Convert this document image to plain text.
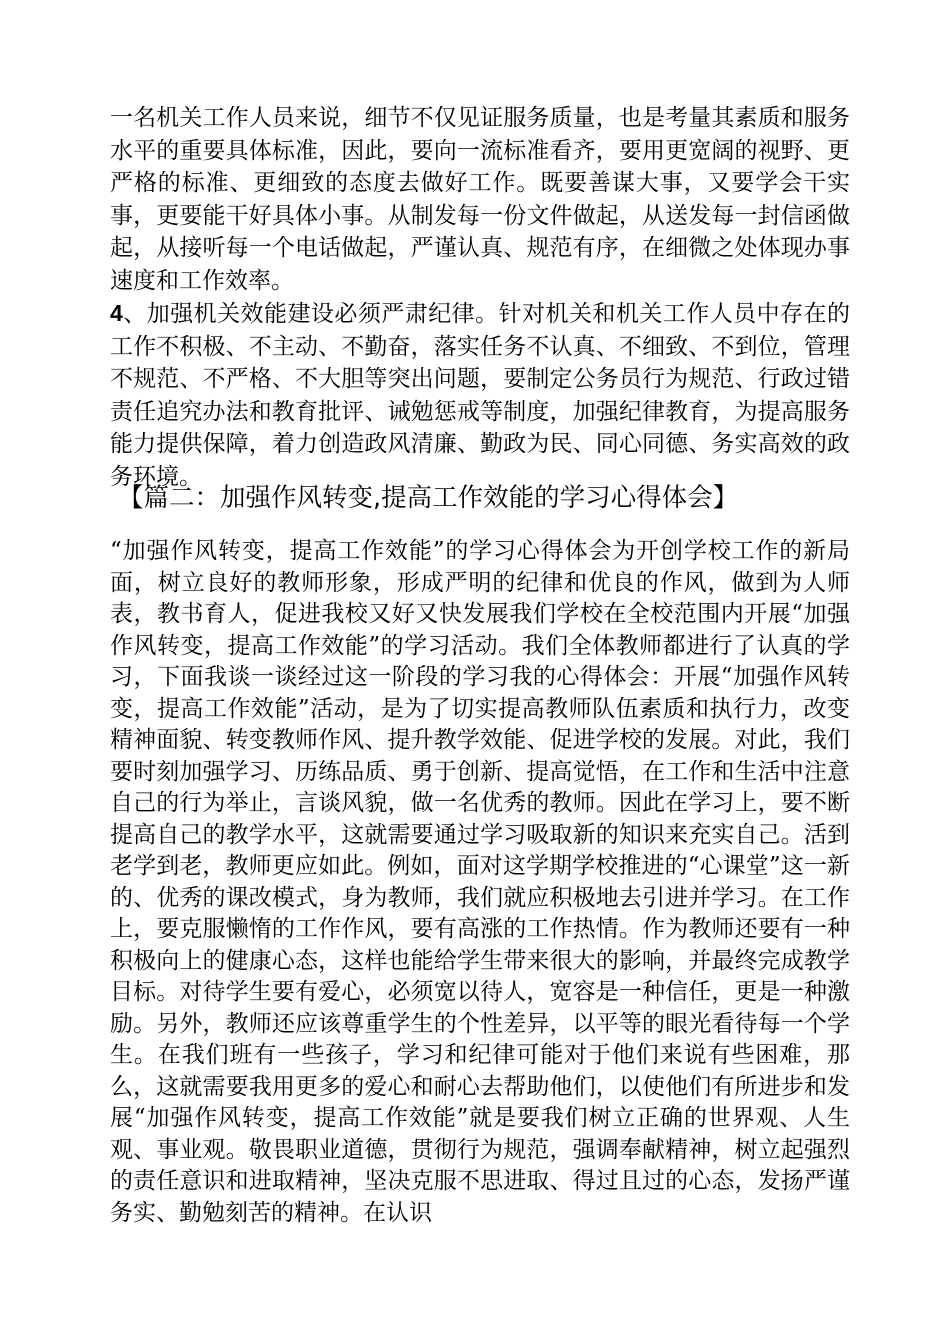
一名机关工作人员来说，细节不仅见证服务质量，也是考量其素质和服务水平的重要具体标准，因此，要向一流标准看齐，要用更宽阔的视野、更严格的标准、更细致的态度去做好工作。既要善谋大事，又要学会干实事，更要能干好具体小事。从制发每一份文件做起，从送发每一封信函做起，从接听每一个电话做起，严谨认真、规范有序，在细微之处体现办事速度和工作效率。

4、加强机关效能建设必须严肃纪律。针对机关和机关工作人员中存在的工作不积极、不主动、不勤奋，落实任务不认真、不细致、不到位，管理不规范、不严格、不大胆等突出问题，要制定公务员行为规范、行政过错责任追究办法和教育批评、诫勉惩戒等制度，加强纪律教育，为提高服务能力提供保障，着力创造政风清廉、勤政为民、同心同德、务实高效的政务环境。

【篇二：加强作风转变,提高工作效能的学习心得体会】

“加强作风转变，提高工作效能”的学习心得体会为开创学校工作的新局面，树立良好的教师形象，形成严明的纪律和优良的作风，做到为人师表，教书育人，促进我校又好又快发展我们学校在全校范围内开展“加强作风转变，提高工作效能”的学习活动。我们全体教师都进行了认真的学习，下面我谈一谈经过这一阶段的学习我的心得体会：开展“加强作风转变，提高工作效能”活动，是为了切实提高教师队伍素质和执行力，改变精神面貌、转变教师作风、提升教学效能、促进学校的发展。对此，我们要时刻加强学习、历练品质、勇于创新、提高觉悟，在工作和生活中注意自己的行为举止，言谈风貌，做一名优秀的教师。因此在学习上，要不断提高自己的教学水平，这就需要通过学习吸取新的知识来充实自己。活到老学到老，教师更应如此。例如，面对这学期学校推进的“心课堂”这一新的、优秀的课改模式，身为教师，我们就应积极地去引进并学习。在工作上，要克服懒惰的工作作风，要有高涨的工作热情。作为教师还要有一种积极向上的健康心态，这样也能给学生带来很大的影响，并最终完成教学目标。对待学生要有爱心，必须宽以待人，宽容是一种信任，更是一种激励。另外，教师还应该尊重学生的个性差异，以平等的眼光看待每一个学生。在我们班有一些孩子，学习和纪律可能对于他们来说有些困难，那么，这就需要我用更多的爱心和耐心去帮助他们，以使他们有所进步和发展“加强作风转变，提高工作效能”就是要我们树立正确的世界观、人生观、事业观。敬畏职业道德，贯彻行为规范，强调奉献精神，树立起强烈的责任意识和进取精神，坚决克服不思进取、得过且过的心态，发扬严谨务实、勤勉刻苦的精神。在认识
